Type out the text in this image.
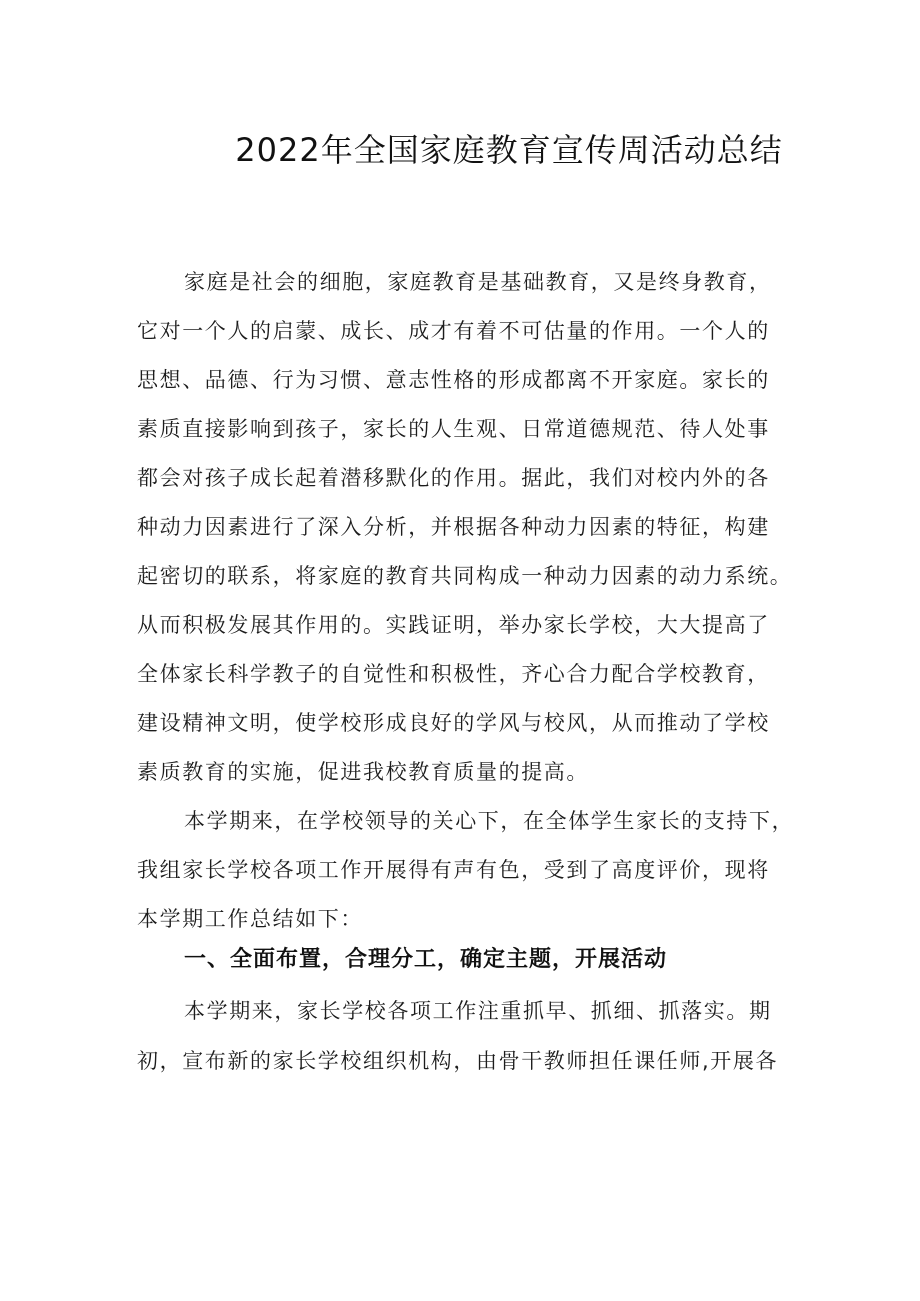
2022年全国家庭教育宣传周活动总结

家庭是社会的细胞，家庭教育是基础教育，又是终身教育，

它对一个人的启蒙、成长、成才有着不可估量的作用。一个人的

思想、品德、行为习惯、意志性格的形成都离不开家庭。家长的

素质直接影响到孩子，家长的人生观、日常道德规范、待人处事

都会对孩子成长起着潜移默化的作用。据此，我们对校内外的各

种动力因素进行了深入分析，并根据各种动力因素的特征，构建

起密切的联系，将家庭的教育共同构成一种动力因素的动力系统。

从而积极发展其作用的。实践证明，举办家长学校，大大提高了

全体家长科学教子的自觉性和积极性，齐心合力配合学校教育，

建设精神文明，使学校形成良好的学风与校风，从而推动了学校

素质教育的实施，促进我校教育质量的提高。

本学期来，在学校领导的关心下，在全体学生家长的支持下，

我组家长学校各项工作开展得有声有色，受到了高度评价，现将

本学期工作总结如下：

一、全面布置，合理分工，确定主题，开展活动

本学期来，家长学校各项工作注重抓早、抓细、抓落实。期

初，宣布新的家长学校组织机构，由骨干教师担任课任师,开展各
